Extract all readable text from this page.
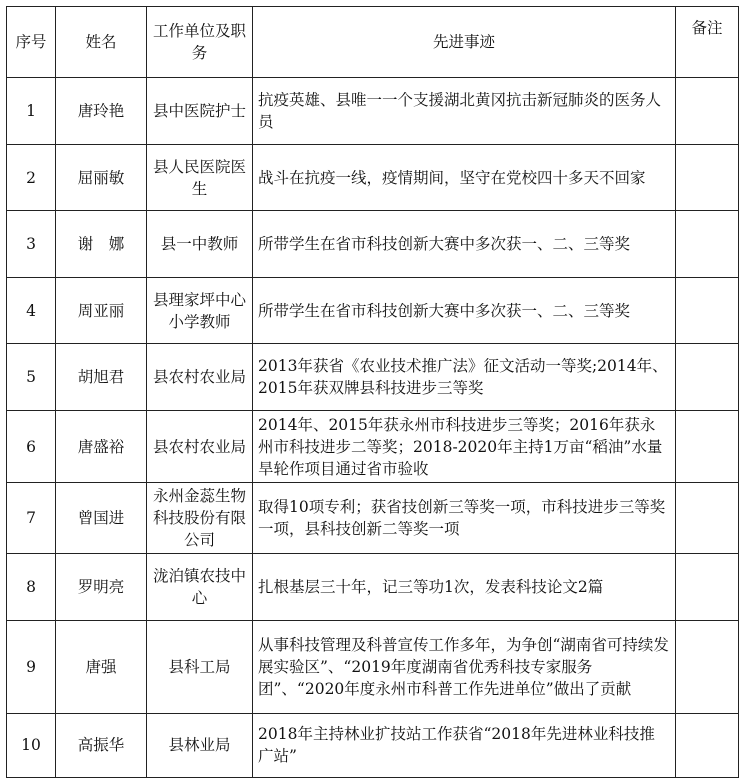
序号	姓名	工作单位及职务	先进事迹	备注
1	唐玲艳	县中医院护士	抗疫英雄、县唯一一个支援湖北黄冈抗击新冠肺炎的医务人员	
2	屈丽敏	县人民医院医生	战斗在抗疫一线，疫情期间，坚守在党校四十多天不回家	
3	谢　娜	县一中教师	所带学生在省市科技创新大赛中多次获一、二、三等奖	
4	周亚丽	县理家坪中心小学教师	所带学生在省市科技创新大赛中多次获一、二、三等奖	
5	胡旭君	县农村农业局	2013年获省《农业技术推广法》征文活动一等奖;2014年、2015年获双牌县科技进步三等奖	
6	唐盛裕	县农村农业局	2014年、2015年获永州市科技进步三等奖；2016年获永州市科技进步二等奖；2018-2020年主持1万亩“稻油”水量旱轮作项目通过省市验收	
7	曾国进	永州金蕊生物科技股份有限公司	取得10项专利；获省技创新三等奖一项，市科技进步三等奖一项，县科技创新二等奖一项	
8	罗明亮	泷泊镇农技中心	扎根基层三十年，记三等功1次，发表科技论文2篇	
9	唐强	县科工局	从事科技管理及科普宣传工作多年，为争创“湖南省可持续发展实验区”、“2019年度湖南省优秀科技专家服务团”、“2020年度永州市科普工作先进单位”做出了贡献	
10	高振华	县林业局	2018年主持林业扩技站工作获省“2018年先进林业科技推广站”	
